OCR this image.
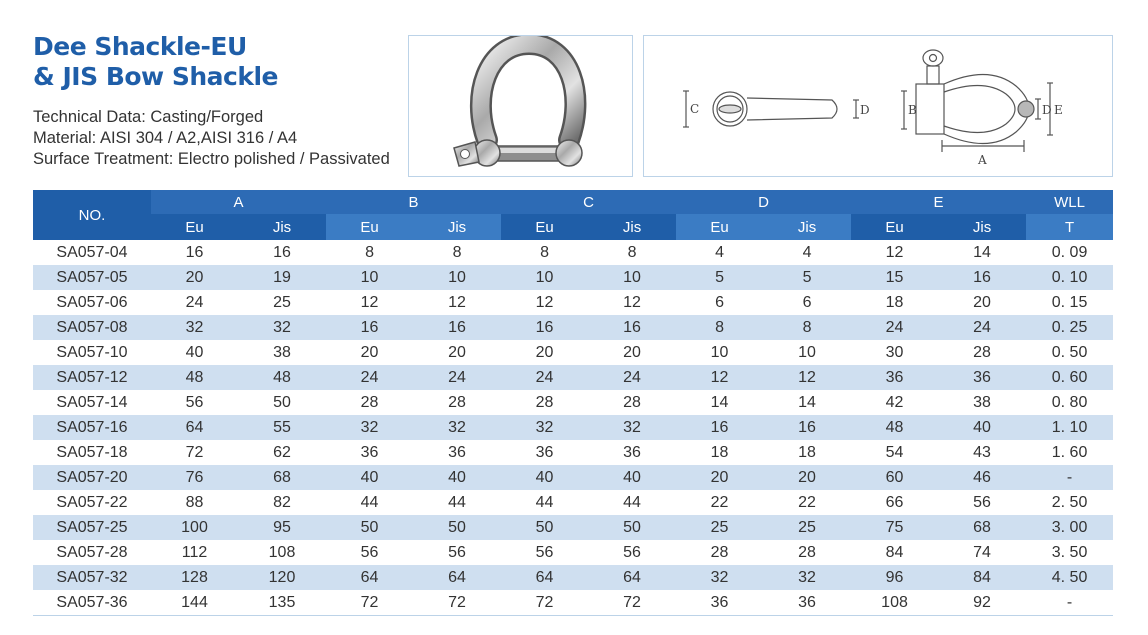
Dee Shackle-EU
& JIS Bow Shackle
Technical Data: Casting/Forged
Material: AISI 304 / A2,AISI 316 / A4
Surface Treatment: Electro polished / Passivated
C	D	B	D E
A
NO.	A		B		C		D		E		WLL
	Eu	Jis	Eu	Jis	Eu	Jis	Eu	Jis	Eu	Jis	T
SA057-04	16	16	8	8	8	8	4	4	12	14	0. 09
SA057-05	20	19	10	10	10	10	5	5	15	16	0. 10
SA057-06	24	25	12	12	12	12	6	6	18	20	0. 15
SA057-08	32	32	16	16	16	16	8	8	24	24	0. 25
SA057-10	40	38	20	20	20	20	10	10	30	28	0. 50
SA057-12	48	48	24	24	24	24	12	12	36	36	0. 60
SA057-14	56	50	28	28	28	28	14	14	42	38	0. 80
SA057-16	64	55	32	32	32	32	16	16	48	40	1. 10
SA057-18	72	62	36	36	36	36	18	18	54	43	1. 60
SA057-20	76	68	40	40	40	40	20	20	60	46	-
SA057-22	88	82	44	44	44	44	22	22	66	56	2. 50
SA057-25	100	95	50	50	50	50	25	25	75	68	3. 00
SA057-28	112	108	56	56	56	56	28	28	84	74	3. 50
SA057-32	128	120	64	64	64	64	32	32	96	84	4. 50
SA057-36	144	135	72	72	72	72	36	36	108	92	-
